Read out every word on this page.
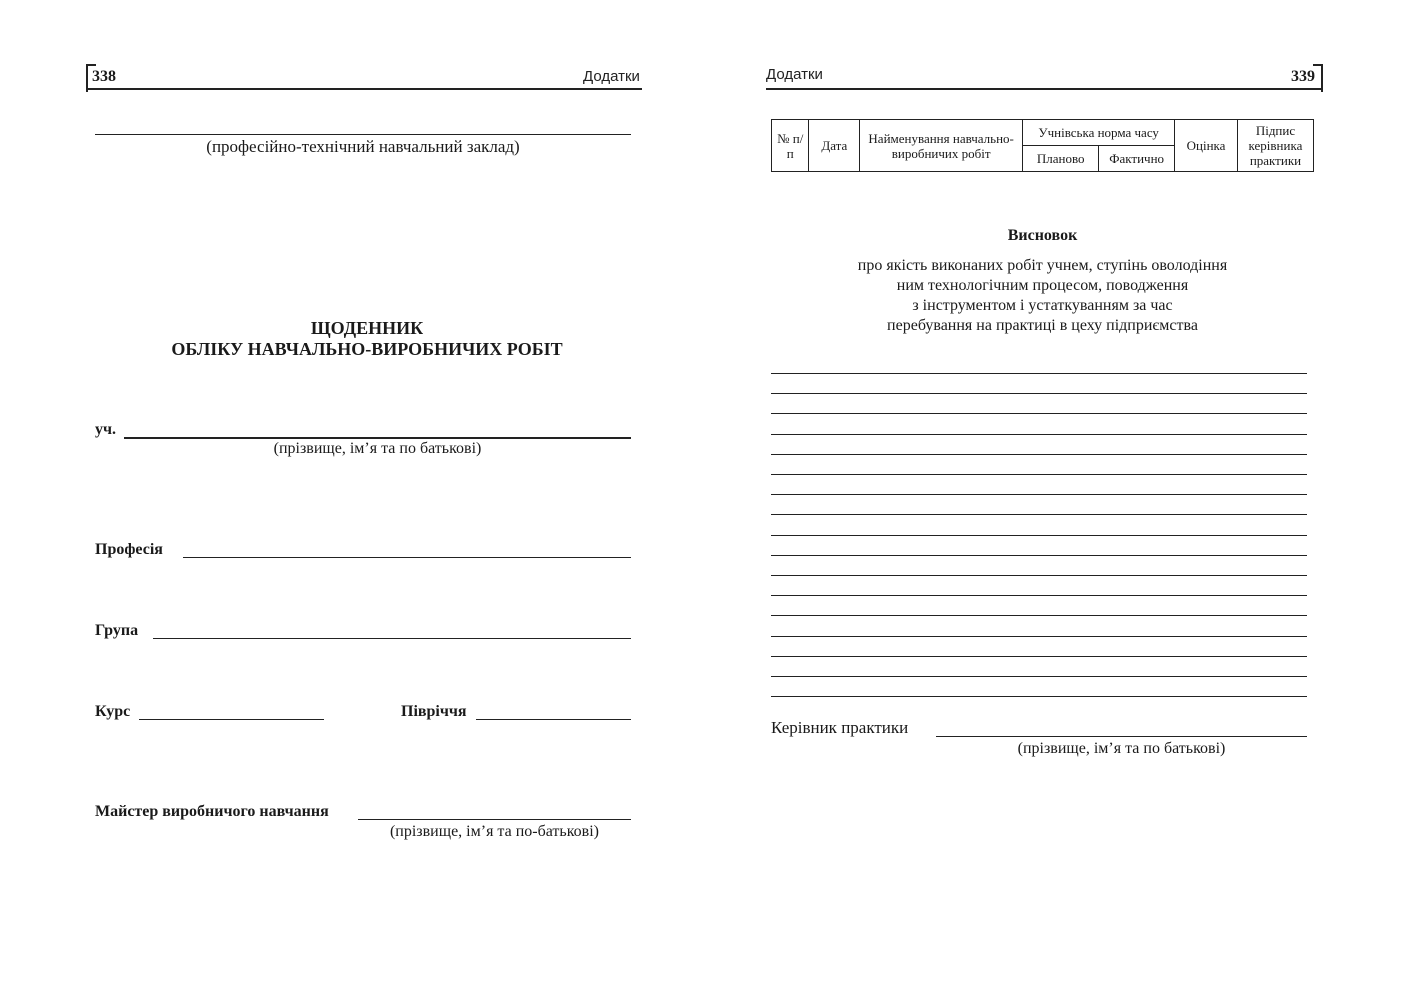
338	Додатки
(професійно-технічний навчальний заклад)
ЩОДЕННИК
ОБЛІКУ НАВЧАЛЬНО-ВИРОБНИЧИХ РОБІТ
уч.
(прізвище, ім’я та по батькові)
Професія
Група
Курс	Півріччя
Майстер виробничого навчання
(прізвище, ім’я та по-батькові)
Додатки	339
№ п/п	Дата	Найменування навчально-виробничих робіт	Учнівська норма часу		Оцінка	Підпис керівника практики
			Планово	Фактично		
Висновок
про якість виконаних робіт учнем, ступінь оволодіння
ним технологічним процесом, поводження
з інструментом і устаткуванням за час
перебування на практиці в цеху підприємства
Керівник практики
(прізвище, ім’я та по батькові)
